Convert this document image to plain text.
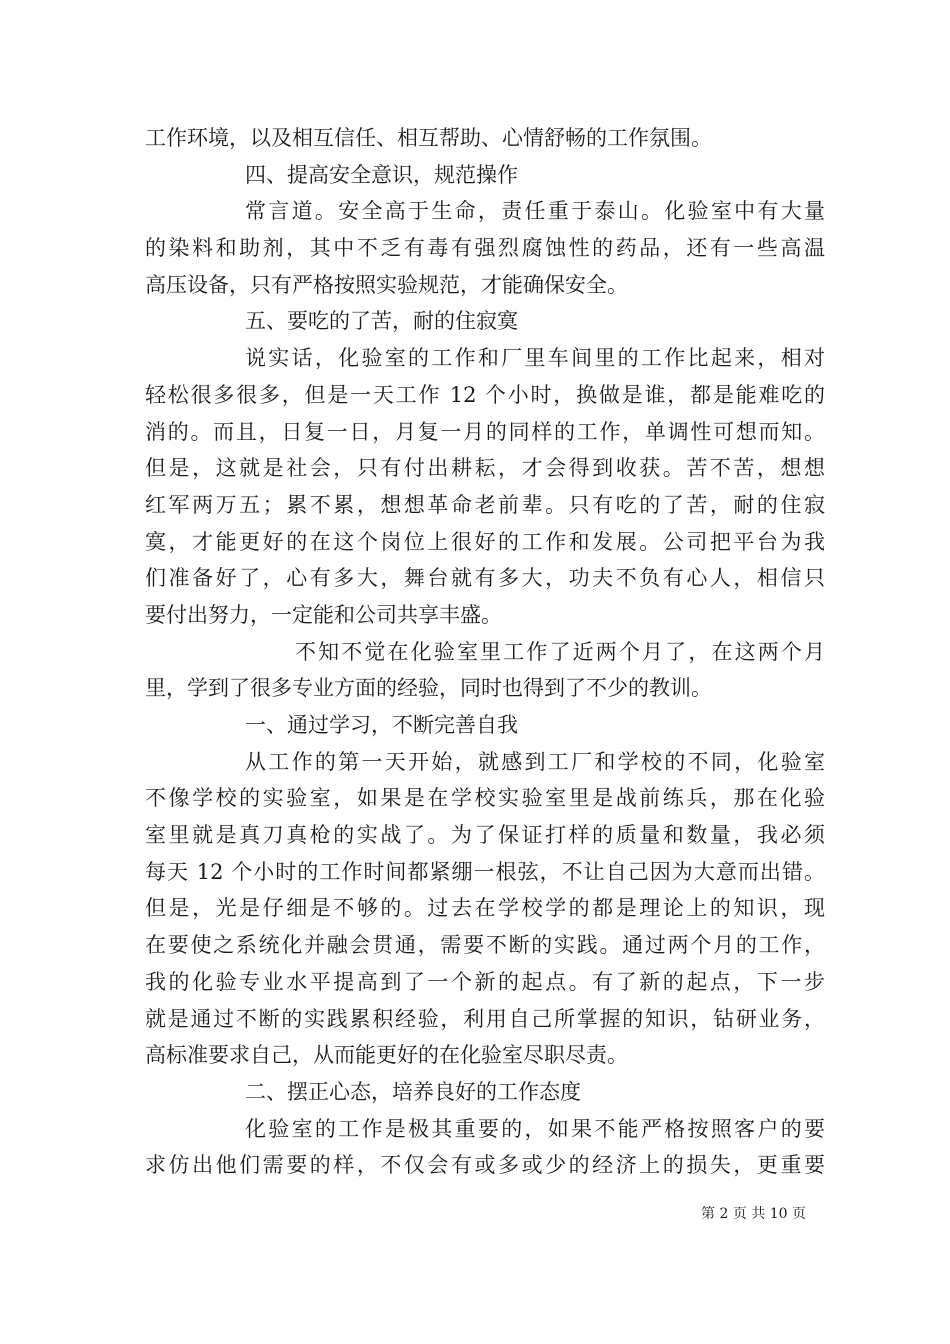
工作环境，以及相互信任、相互帮助、心情舒畅的工作氛围。
四、提高安全意识，规范操作
常言道。安全高于生命，责任重于泰山。化验室中有大量
的染料和助剂，其中不乏有毒有强烈腐蚀性的药品，还有一些高温
高压设备，只有严格按照实验规范，才能确保安全。
五、要吃的了苦，耐的住寂寞
说实话，化验室的工作和厂里车间里的工作比起来，相对
轻松很多很多，但是一天工作 12 个小时，换做是谁，都是能难吃的
消的。而且，日复一日，月复一月的同样的工作，单调性可想而知。
但是，这就是社会，只有付出耕耘，才会得到收获。苦不苦，想想
红军两万五；累不累，想想革命老前辈。只有吃的了苦，耐的住寂
寞，才能更好的在这个岗位上很好的工作和发展。公司把平台为我
们准备好了，心有多大，舞台就有多大，功夫不负有心人，相信只
要付出努力，一定能和公司共享丰盛。
不知不觉在化验室里工作了近两个月了，在这两个月
里，学到了很多专业方面的经验，同时也得到了不少的教训。
一、通过学习，不断完善自我
从工作的第一天开始，就感到工厂和学校的不同，化验室
不像学校的实验室，如果是在学校实验室里是战前练兵，那在化验
室里就是真刀真枪的实战了。为了保证打样的质量和数量，我必须
每天 12 个小时的工作时间都紧绷一根弦，不让自己因为大意而出错。
但是，光是仔细是不够的。过去在学校学的都是理论上的知识，现
在要使之系统化并融会贯通，需要不断的实践。通过两个月的工作，
我的化验专业水平提高到了一个新的起点。有了新的起点，下一步
就是通过不断的实践累积经验，利用自己所掌握的知识，钻研业务，
高标准要求自己，从而能更好的在化验室尽职尽责。
二、摆正心态，培养良好的工作态度
化验室的工作是极其重要的，如果不能严格按照客户的要
求仿出他们需要的样，不仅会有或多或少的经济上的损失，更重要
第 2 页 共 10 页
